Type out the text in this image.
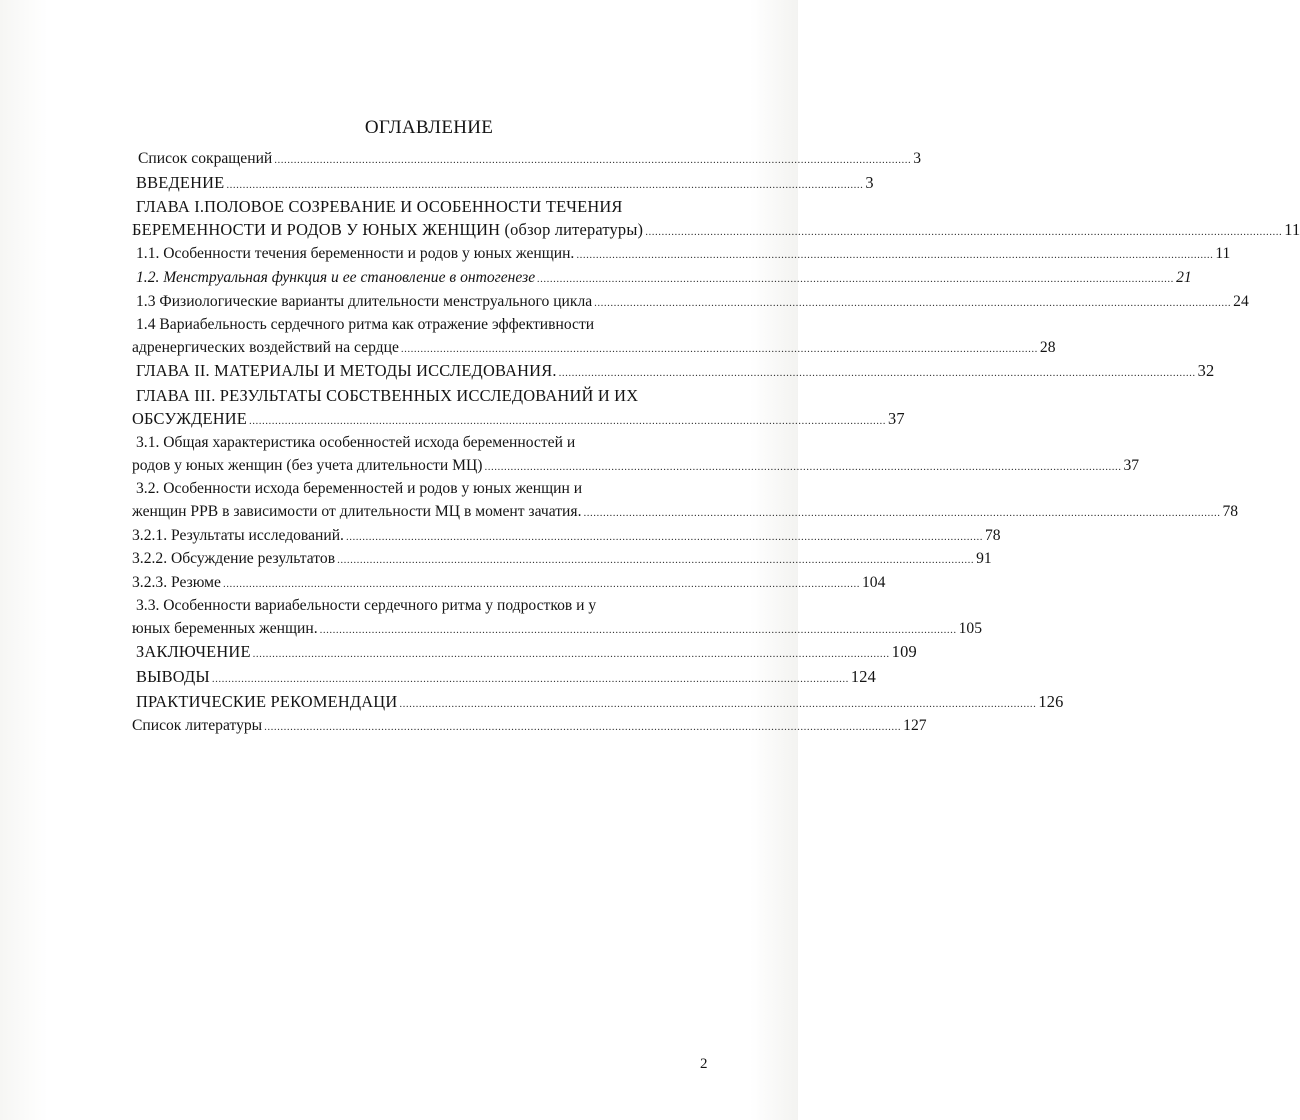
ОГЛАВЛЕНИЕ
Список сокращений .................................................................................................................................................................................................... 3
ВВЕДЕНИЕ .................................................................................................................................................................................................... 3
ГЛАВА I.ПОЛОВОЕ СОЗРЕВАНИЕ И ОСОБЕННОСТИ ТЕЧЕНИЯ
БЕРЕМЕННОСТИ И РОДОВ У ЮНЫХ ЖЕНЩИН (обзор литературы) .................................................................................................................................................................................................... 11
1.1. Особенности течения беременности и родов у юных женщин. .................................................................................................................................................................................................... 11
1.2. Менструальная функция и ее становление в онтогенезе .................................................................................................................................................................................................... 21
1.3 Физиологические варианты длительности менструального цикла .................................................................................................................................................................................................... 24
1.4 Вариабельность сердечного ритма как отражение эффективности
адренергических воздействий на сердце .................................................................................................................................................................................................... 28
ГЛАВА II. МАТЕРИАЛЫ И МЕТОДЫ ИССЛЕДОВАНИЯ. .................................................................................................................................................................................................... 32
ГЛАВА III. РЕЗУЛЬТАТЫ СОБСТВЕННЫХ ИССЛЕДОВАНИЙ И ИХ
ОБСУЖДЕНИЕ .................................................................................................................................................................................................... 37
3.1. Общая характеристика особенностей исхода беременностей и
родов у юных женщин (без учета длительности МЦ) .................................................................................................................................................................................................... 37
3.2. Особенности исхода беременностей и родов у юных женщин и
женщин РРВ в зависимости от длительности МЦ в момент зачатия. .................................................................................................................................................................................................... 78
3.2.1. Результаты исследований. .................................................................................................................................................................................................... 78
3.2.2. Обсуждение результатов .................................................................................................................................................................................................... 91
3.2.3. Резюме .................................................................................................................................................................................................... 104
3.3. Особенности вариабельности сердечного ритма у подростков и у
юных беременных женщин. .................................................................................................................................................................................................... 105
ЗАКЛЮЧЕНИЕ .................................................................................................................................................................................................... 109
ВЫВОДЫ .................................................................................................................................................................................................... 124
ПРАКТИЧЕСКИЕ РЕКОМЕНДАЦИ .................................................................................................................................................................................................... 126
Список литературы .................................................................................................................................................................................................... 127
2
